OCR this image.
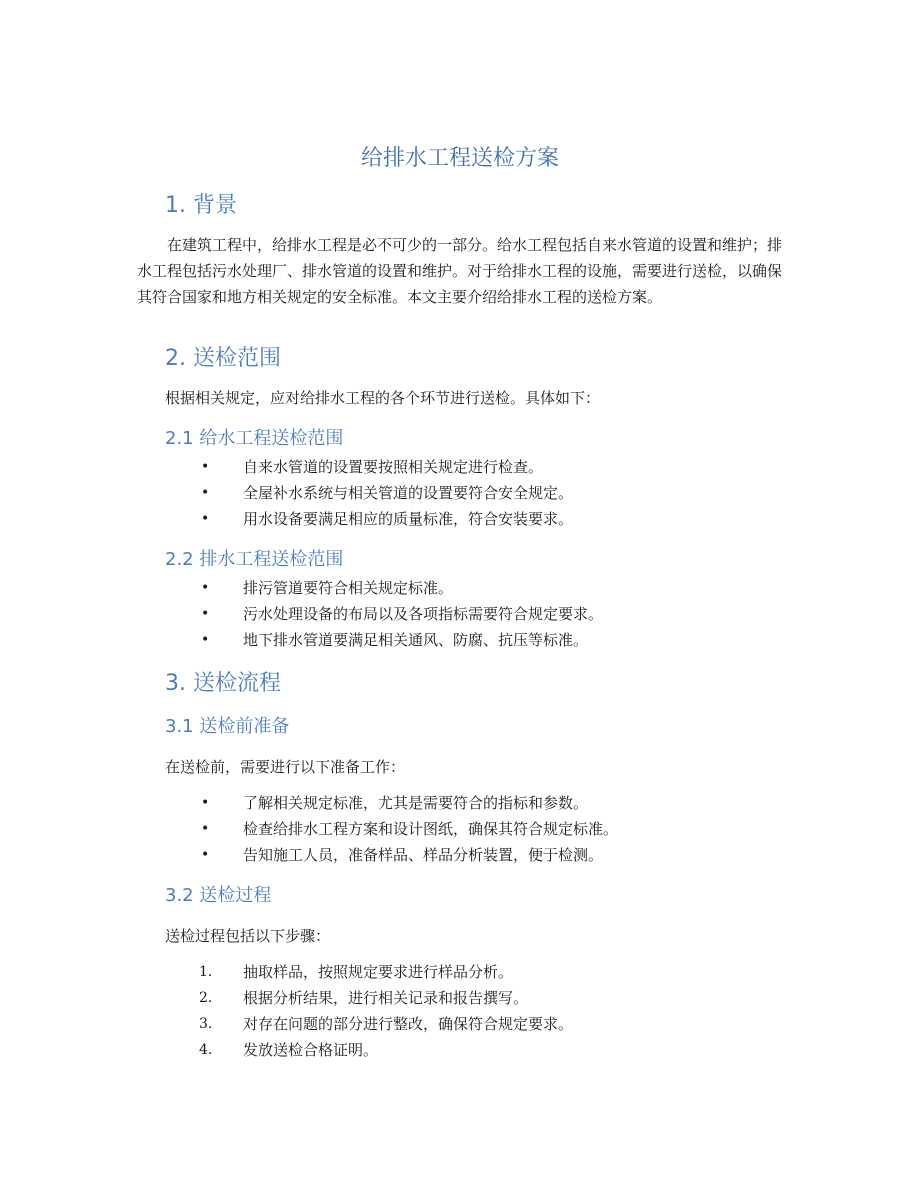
给排水工程送检方案
1. 背景
在建筑工程中，给排水工程是必不可少的一部分。给水工程包括自来水管道的设置和维护；排水工程包括污水处理厂、排水管道的设置和维护。对于给排水工程的设施，需要进行送检，以确保其符合国家和地方相关规定的安全标准。本文主要介绍给排水工程的送检方案。
2. 送检范围
根据相关规定，应对给排水工程的各个环节进行送检。具体如下：
2.1 给水工程送检范围
•	自来水管道的设置要按照相关规定进行检查。
•	全屋补水系统与相关管道的设置要符合安全规定。
•	用水设备要满足相应的质量标准，符合安装要求。
2.2 排水工程送检范围
•	排污管道要符合相关规定标准。
•	污水处理设备的布局以及各项指标需要符合规定要求。
•	地下排水管道要满足相关通风、防腐、抗压等标准。
3. 送检流程
3.1 送检前准备
在送检前，需要进行以下准备工作：
•	了解相关规定标准，尤其是需要符合的指标和参数。
•	检查给排水工程方案和设计图纸，确保其符合规定标准。
•	告知施工人员，准备样品、样品分析装置，便于检测。
3.2 送检过程
送检过程包括以下步骤：
1.	抽取样品，按照规定要求进行样品分析。
2.	根据分析结果，进行相关记录和报告撰写。
3.	对存在问题的部分进行整改，确保符合规定要求。
4.	发放送检合格证明。
